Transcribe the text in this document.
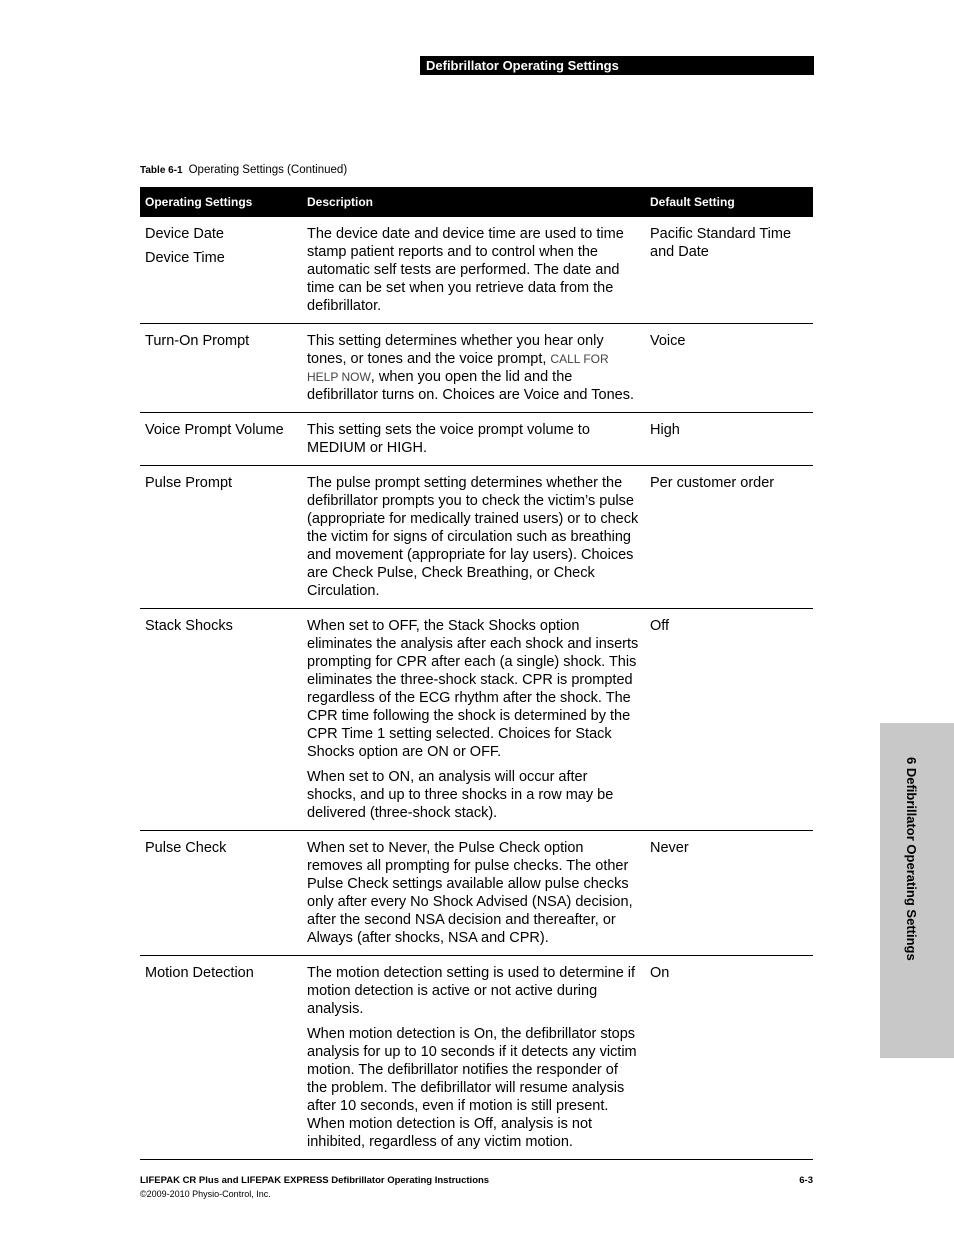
Defibrillator Operating Settings
Table 6-1 Operating Settings (Continued)
Operating Settings	Description	Default Setting

Device Date

Device Time	The device date and device time are used to time stamp patient reports and to control when the automatic self tests are performed. The date and time can be set when you retrieve data from the defibrillator.	Pacific Standard Time and Date
Turn-On Prompt	This setting determines whether you hear only tones, or tones and the voice prompt, CALL FOR HELP NOW, when you open the lid and the defibrillator turns on. Choices are Voice and Tones.	Voice
Voice Prompt Volume	This setting sets the voice prompt volume to MEDIUM or HIGH.	High
Pulse Prompt	The pulse prompt setting determines whether the defibrillator prompts you to check the victim’s pulse (appropriate for medically trained users) or to check the victim for signs of circulation such as breathing and movement (appropriate for lay users). Choices are Check Pulse, Check Breathing, or Check Circulation.	Per customer order
Stack Shocks	When set to OFF, the Stack Shocks option eliminates the analysis after each shock and inserts prompting for CPR after each (a single) shock. This eliminates the three-shock stack. CPR is prompted regardless of the ECG rhythm after the shock. The CPR time following the shock is determined by the CPR Time 1 setting selected. Choices for Stack Shocks option are ON or OFF.

When set to ON, an analysis will occur after shocks, and up to three shocks in a row may be delivered (three-shock stack).	Off
Pulse Check	When set to Never, the Pulse Check option removes all prompting for pulse checks. The other Pulse Check settings available allow pulse checks only after every No Shock Advised (NSA) decision, after the second NSA decision and thereafter, or Always (after shocks, NSA and CPR).	Never
Motion Detection	The motion detection setting is used to determine if motion detection is active or not active during analysis.

When motion detection is On, the defibrillator stops analysis for up to 10 seconds if it detects any victim motion. The defibrillator notifies the responder of the problem. The defibrillator will resume analysis after 10 seconds, even if motion is still present. When motion detection is Off, analysis is not inhibited, regardless of any victim motion.	On
6 Defibrillator Operating Settings
LIFEPAK CR Plus and LIFEPAK EXPRESS Defibrillator Operating Instructions
©2009-2010 Physio-Control, Inc.
6-3
